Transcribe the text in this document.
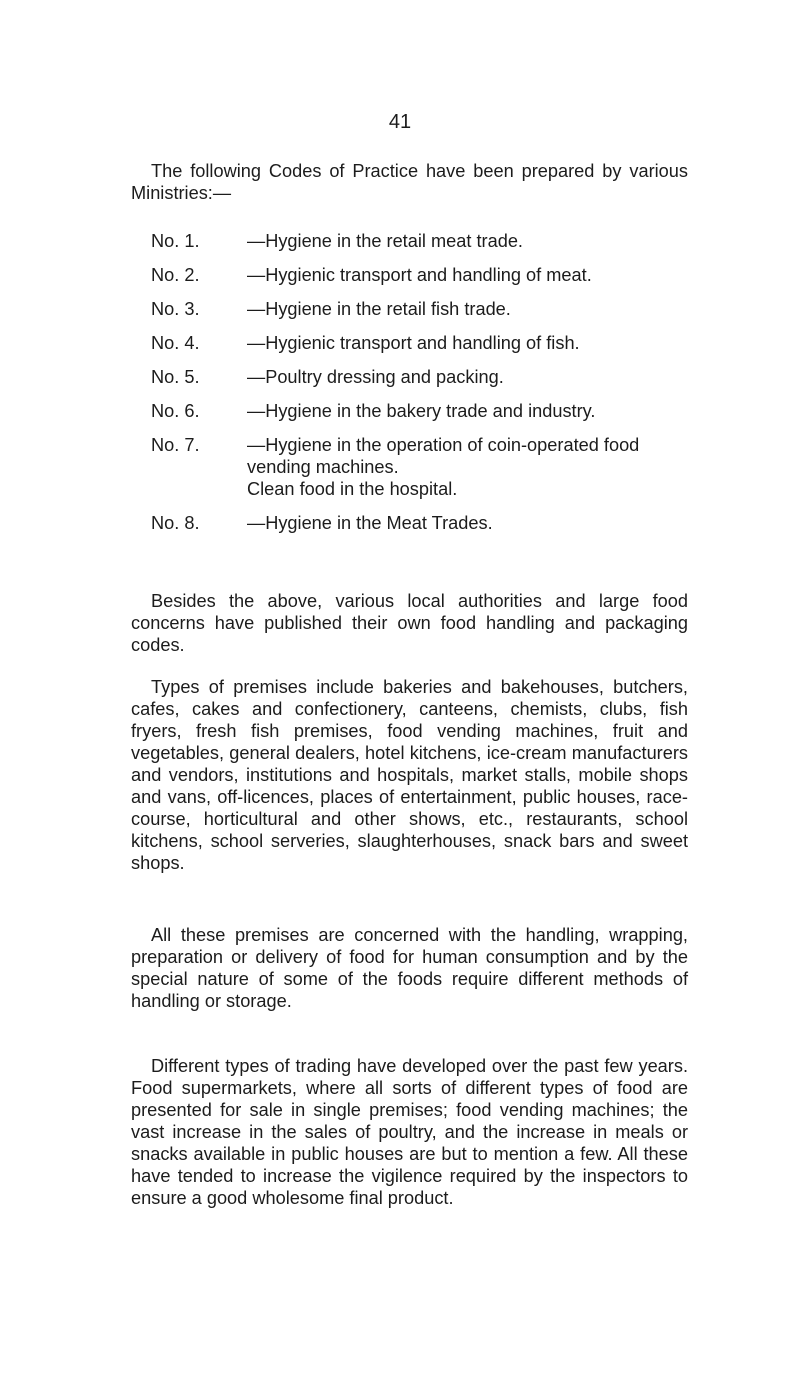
41

The following Codes of Practice have been prepared by various Ministries:—

No. 1.	—Hygiene in the retail meat trade.
No. 2.	—Hygienic transport and handling of meat.
No. 3.	—Hygiene in the retail fish trade.
No. 4.	—Hygienic transport and handling of fish.
No. 5.	—Poultry dressing and packing.
No. 6.	—Hygiene in the bakery trade and industry.
No. 7.	—Hygiene in the operation of coin-operated food vending machines.
Clean food in the hospital.
No. 8.	—Hygiene in the Meat Trades.

Besides the above, various local authorities and large food concerns have published their own food handling and packaging codes.

Types of premises include bakeries and bakehouses, butchers, cafes, cakes and confectionery, canteens, chemists, clubs, fish fryers, fresh fish premises, food vending machines, fruit and vegetables, general dealers, hotel kitchens, ice-cream manufacturers and vendors, institutions and hospitals, market stalls, mobile shops and vans, off-licences, places of entertainment, public houses, race-course, horticultural and other shows, etc., restaurants, school kitchens, school serveries, slaughterhouses, snack bars and sweet shops.

All these premises are concerned with the handling, wrapping, preparation or delivery of food for human consumption and by the special nature of some of the foods require different methods of handling or storage.

Different types of trading have developed over the past few years. Food supermarkets, where all sorts of different types of food are presented for sale in single premises; food vending machines; the vast increase in the sales of poultry, and the increase in meals or snacks available in public houses are but to mention a few. All these have tended to increase the vigilence required by the inspectors to ensure a good wholesome final product.
